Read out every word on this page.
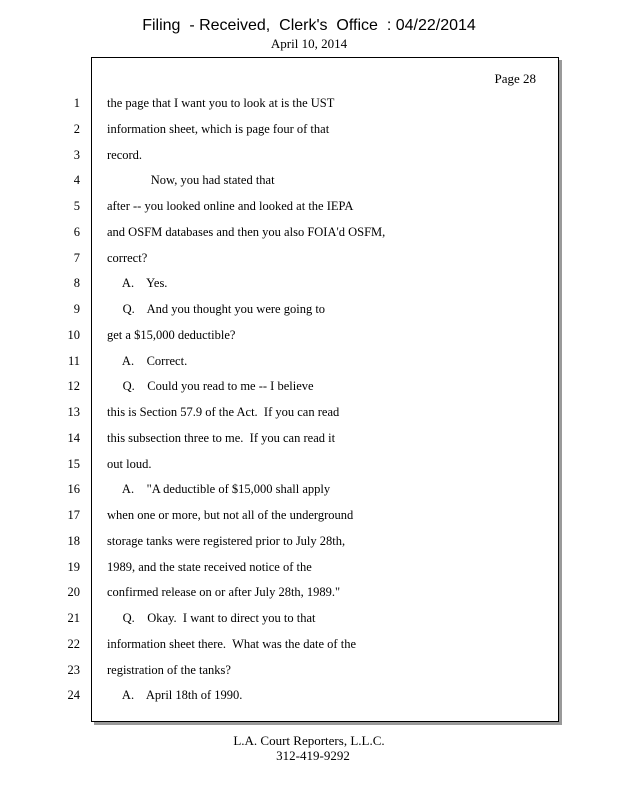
Filing  - Received,  Clerk's  Office  : 04/22/2014
April 10, 2014
Page 28
1 the page that I want you to look at is the UST
2 information sheet, which is page four of that
3 record.
4 Now, you had stated that
5 after -- you looked online and looked at the IEPA
6 and OSFM databases and then you also FOIA'd OSFM,
7 correct?
8 A.    Yes.
9 Q.    And you thought you were going to
10 get a $15,000 deductible?
11 A.    Correct.
12 Q.    Could you read to me -- I believe
13 this is Section 57.9 of the Act.  If you can read
14 this subsection three to me.  If you can read it
15 out loud.
16 A.    "A deductible of $15,000 shall apply
17 when one or more, but not all of the underground
18 storage tanks were registered prior to July 28th,
19 1989, and the state received notice of the
20 confirmed release on or after July 28th, 1989."
21 Q.    Okay.  I want to direct you to that
22 information sheet there.  What was the date of the
23 registration of the tanks?
24 A.    April 18th of 1990.
L.A. Court Reporters, L.L.C.
312-419-9292
